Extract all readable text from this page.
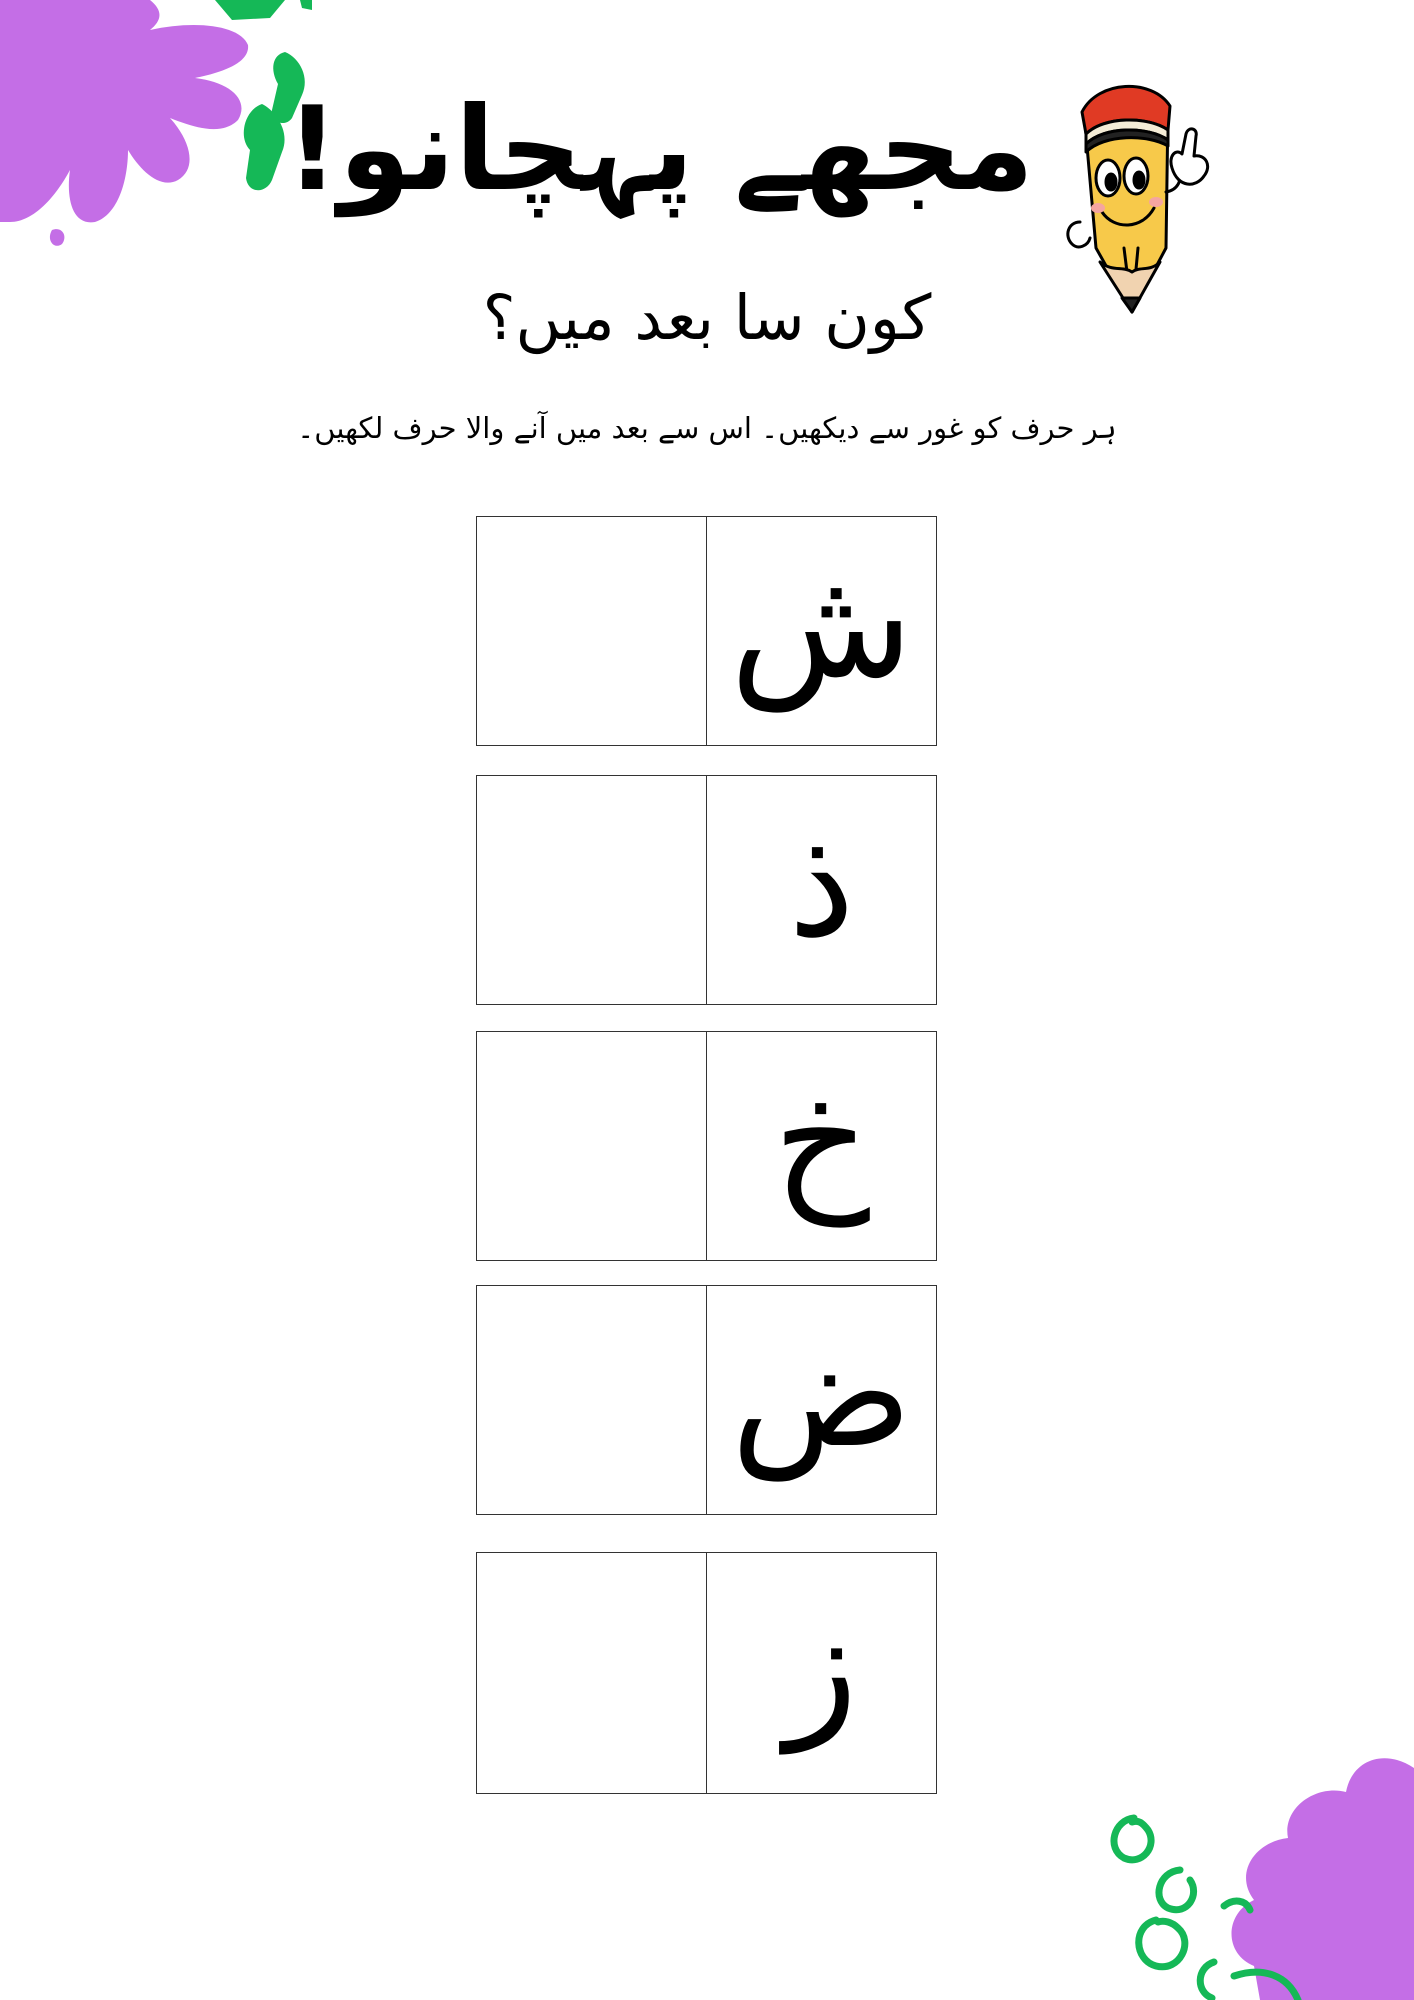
مجھے پہچانو!
کون سا بعد میں؟
ہر حرف کو غور سے دیکھیں۔ اس سے بعد میں آنے والا حرف لکھیں۔
ش
ذ
خ
ض
ز
